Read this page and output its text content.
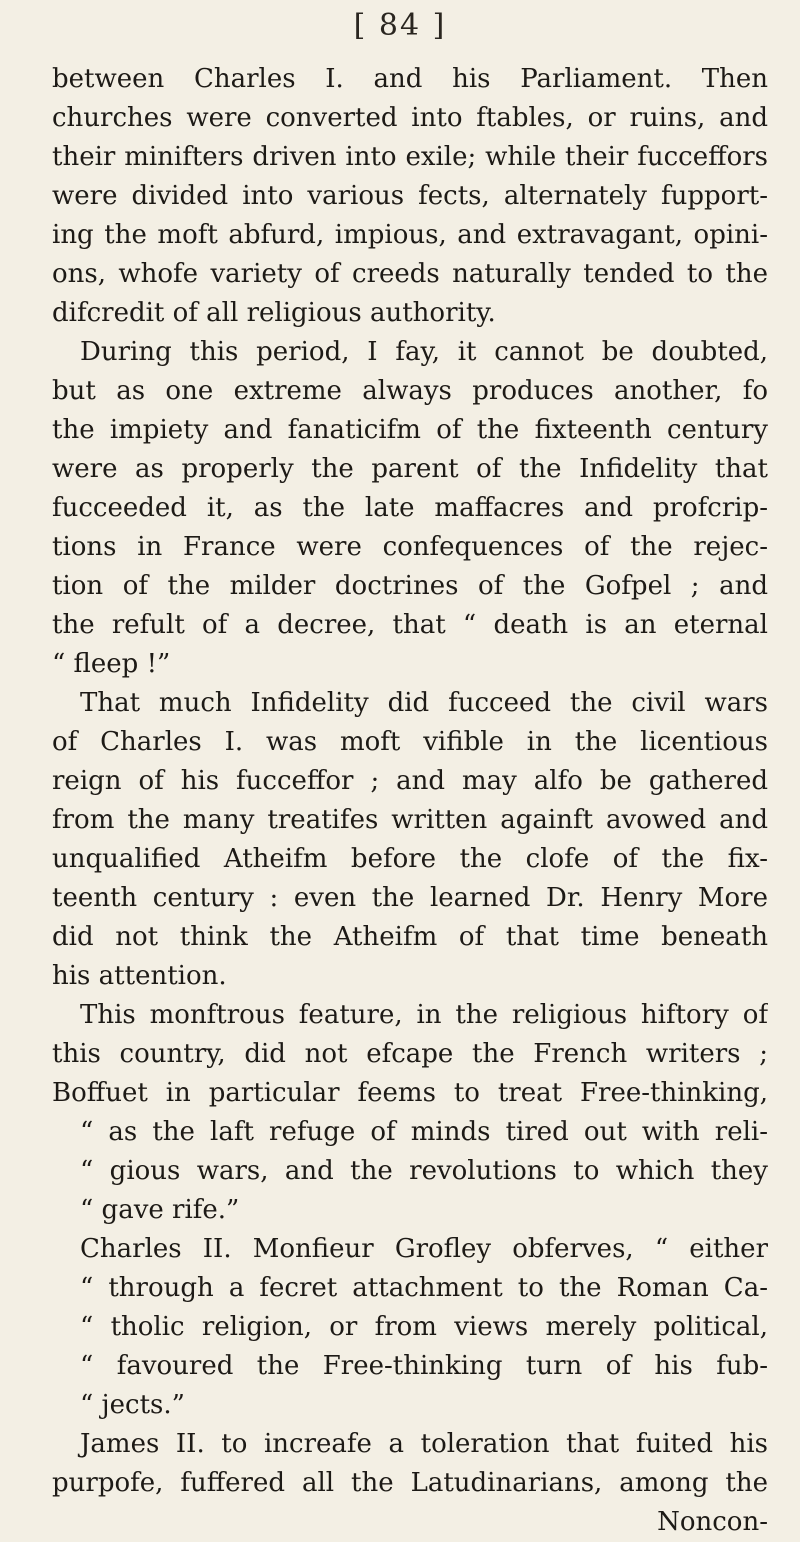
[ 84 ]
between Charles I. and his Parliament. Then
churches were converted into ftables, or ruins, and
their minifters driven into exile; while their fucceffors
were divided into various fects, alternately fupport-
ing the moft abfurd, impious, and extravagant, opini-
ons, whofe variety of creeds naturally tended to the
difcredit of all religious authority.
During this period, I fay, it cannot be doubted,
but as one extreme always produces another, fo
the impiety and fanaticifm of the fixteenth century
were as properly the parent of the Infidelity that
fucceeded it, as the late maffacres and profcrip-
tions in France were confequences of the rejec-
tion of the milder doctrines of the Gofpel ; and
the refult of a decree, that “ death is an eternal
“ fleep !”
That much Infidelity did fucceed the civil wars
of Charles I. was moft vifible in the licentious
reign of his fucceffor ; and may alfo be gathered
from the many treatifes written againft avowed and
unqualified Atheifm before the clofe of the fix-
teenth century : even the learned Dr. Henry More
did not think the Atheifm of that time beneath
his attention.
This monftrous feature, in the religious hiftory of
this country, did not efcape the French writers ;
Boffuet in particular feems to treat Free-thinking,
“ as the laft refuge of minds tired out with reli-
“ gious wars, and the revolutions to which they
“ gave rife.”
Charles II. Monfieur Grofley obferves, “ either
“ through a fecret attachment to the Roman Ca-
“ tholic religion, or from views merely political,
“ favoured the Free-thinking turn of his fub-
“ jects.”
James II. to increafe a toleration that fuited his
purpofe, fuffered all the Latudinarians, among the
Noncon-
